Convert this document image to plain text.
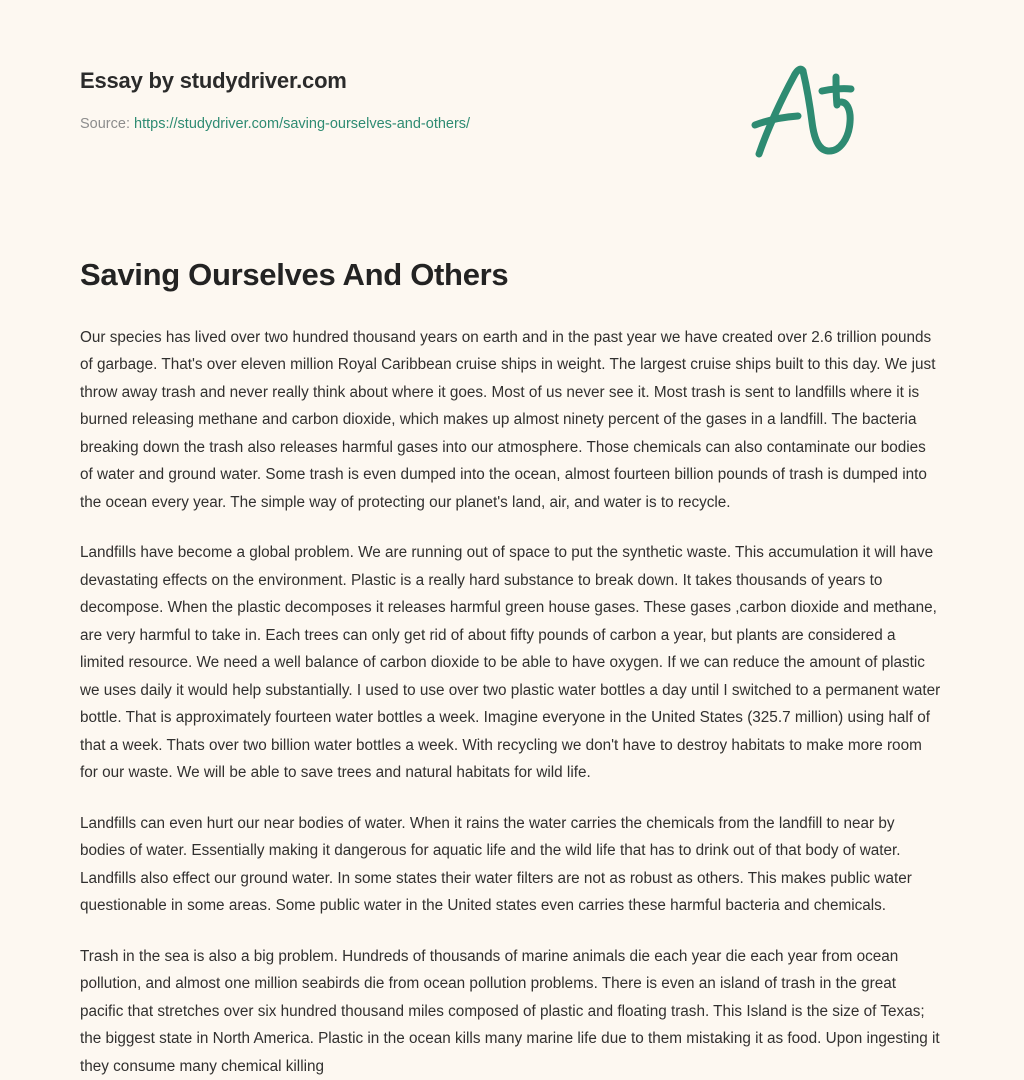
Essay by studydriver.com
Source: https://studydriver.com/saving-ourselves-and-others/
Saving Ourselves And Others

Our species has lived over two hundred thousand years on earth and in the past year we have created over 2.6 trillion pounds of garbage. That's over eleven million Royal Caribbean cruise ships in weight. The largest cruise ships built to this day. We just throw away trash and never really think about where it goes. Most of us never see it. Most trash is sent to landfills where it is burned releasing methane and carbon dioxide, which makes up almost ninety percent of the gases in a landfill. The bacteria breaking down the trash also releases harmful gases into our atmosphere. Those chemicals can also contaminate our bodies of water and ground water. Some trash is even dumped into the ocean, almost fourteen billion pounds of trash is dumped into the ocean every year. The simple way of protecting our planet's land, air, and water is to recycle.

Landfills have become a global problem. We are running out of space to put the synthetic waste. This accumulation it will have devastating effects on the environment. Plastic is a really hard substance to break down. It takes thousands of years to decompose. When the plastic decomposes it releases harmful green house gases. These gases ,carbon dioxide and methane, are very harmful to take in. Each trees can only get rid of about fifty pounds of carbon a year, but plants are considered a limited resource. We need a well balance of carbon dioxide to be able to have oxygen. If we can reduce the amount of plastic we uses daily it would help substantially. I used to use over two plastic water bottles a day until I switched to a permanent water bottle. That is approximately fourteen water bottles a week. Imagine everyone in the United States (325.7 million) using half of that a week. Thats over two billion water bottles a week. With recycling we don't have to destroy habitats to make more room for our waste. We will be able to save trees and natural habitats for wild life.

Landfills can even hurt our near bodies of water. When it rains the water carries the chemicals from the landfill to near by bodies of water. Essentially making it dangerous for aquatic life and the wild life that has to drink out of that body of water. Landfills also effect our ground water. In some states their water filters are not as robust as others. This makes public water questionable in some areas. Some public water in the United states even carries these harmful bacteria and chemicals.

Trash in the sea is also a big problem. Hundreds of thousands of marine animals die each year die each year from ocean pollution, and almost one million seabirds die from ocean pollution problems. There is even an island of trash in the great pacific that stretches over six hundred thousand miles composed of plastic and floating trash. This Island is the size of Texas; the biggest state in North America. Plastic in the ocean kills many marine life due to them mistaking it as food. Upon ingesting it they consume many chemical killing
